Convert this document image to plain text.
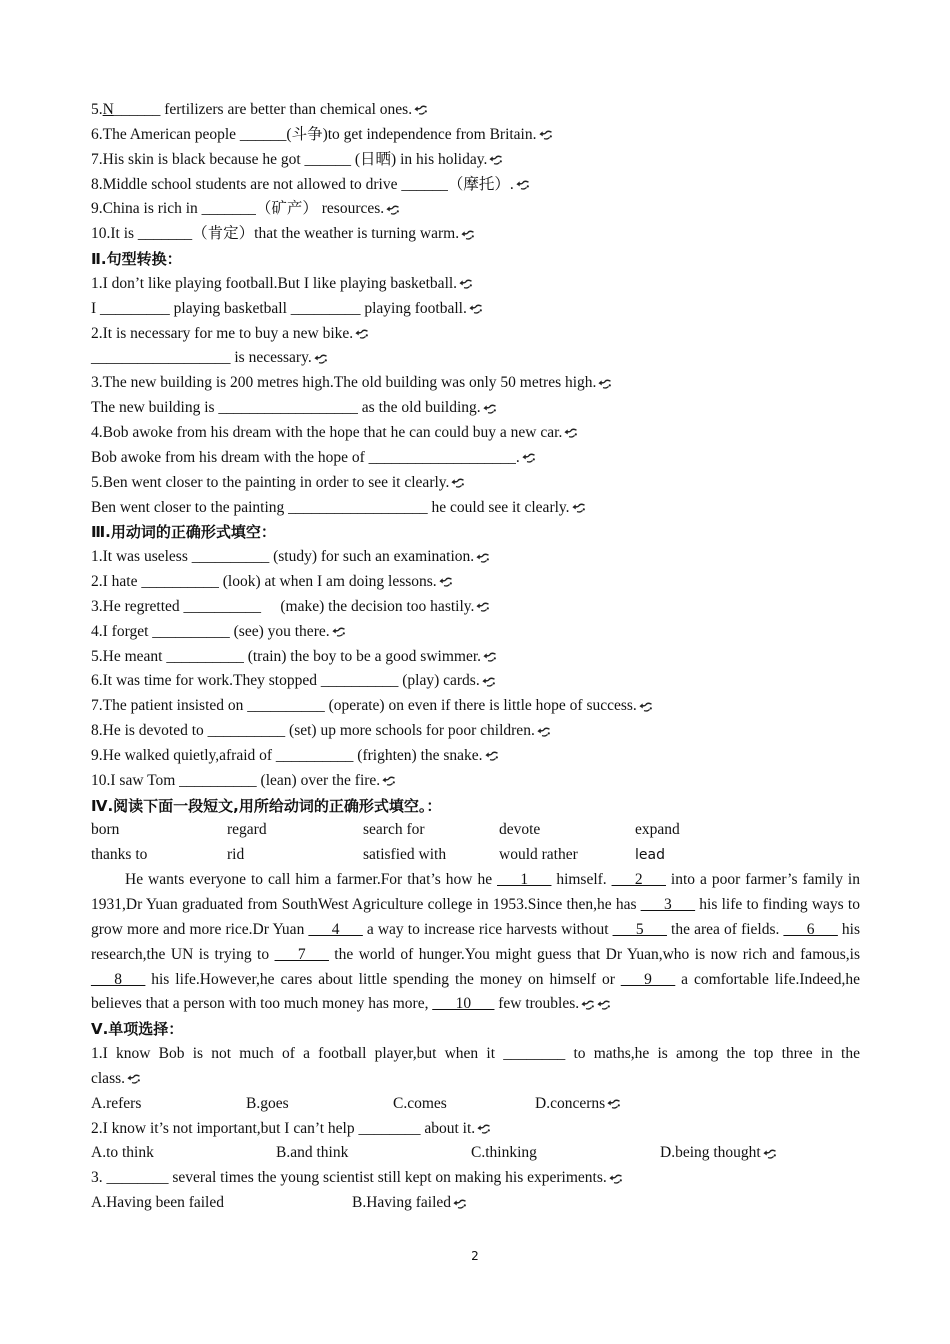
5.N______ fertilizers are better than chemical ones.
6.The American people ______(斗争)to get independence from Britain.
7.His skin is black because he got ______ (日晒) in his holiday.
8.Middle school students are not allowed to drive ______（摩托）.
9.China is rich in _______（矿产） resources.
10.It is _______（肯定）that the weather is turning warm.
Ⅱ.句型转换：
1.I don’t like playing football.But I like playing basketball.
I _________ playing basketball _________ playing football.
2.It is necessary for me to buy a new bike.
__________________ is necessary.
3.The new building is 200 metres high.The old building was only 50 metres high.
The new building is __________________ as the old building.
4.Bob awoke from his dream with the hope that he can could buy a new car.
Bob awoke from his dream with the hope of ___________________.
5.Ben went closer to the painting in order to see it clearly.
Ben went closer to the painting __________________ he could see it clearly.
Ⅲ.用动词的正确形式填空：
1.It was useless __________ (study) for such an examination.
2.I hate __________ (look) at when I am doing lessons.
3.He regretted __________     (make) the decision too hastily.
4.I forget __________ (see) you there.
5.He meant __________ (train) the boy to be a good swimmer.
6.It was time for work.They stopped __________ (play) cards.
7.The patient insisted on __________ (operate) on even if there is little hope of success.
8.He is devoted to __________ (set) up more schools for poor children.
9.He walked quietly,afraid of __________ (frighten) the snake.
10.I saw Tom __________ (lean) over the fire.
Ⅳ.阅读下面一段短文,用所给动词的正确形式填空。：
born	regard	search for	devote	expand
thanks to	rid	satisfied with	would rather	lead

He wants everyone to call him a farmer.For that’s how he ___1___ himself. ___2___ into a poor farmer’s family in 1931,Dr Yuan graduated from SouthWest Agriculture college in 1953.Since then,he has ___3___ his life to finding ways to grow more and more rice.Dr Yuan ___4___ a way to increase rice harvests without ___5___ the area of fields. ___6___ his research,the UN is trying to ___7___ the world of hunger.You might guess that Dr Yuan,who is now rich and famous,is ___8___ his life.However,he cares about little spending the money on himself or ___9___ a comfortable life.Indeed,he believes that a person with too much money has more, ___10___ few troubles.

Ⅴ.单项选择：
1.I know Bob is not much of a football player,but when it ________ to maths,he is among the top three in the
class.
A.refers	B.goes	C.comes	D.concerns
2.I know it’s not important,but I can’t help ________ about it.
A.to think	B.and think	C.thinking	D.being thought
3. ________ several times the young scientist still kept on making his experiments.
A.Having been failed	B.Having failed
2
